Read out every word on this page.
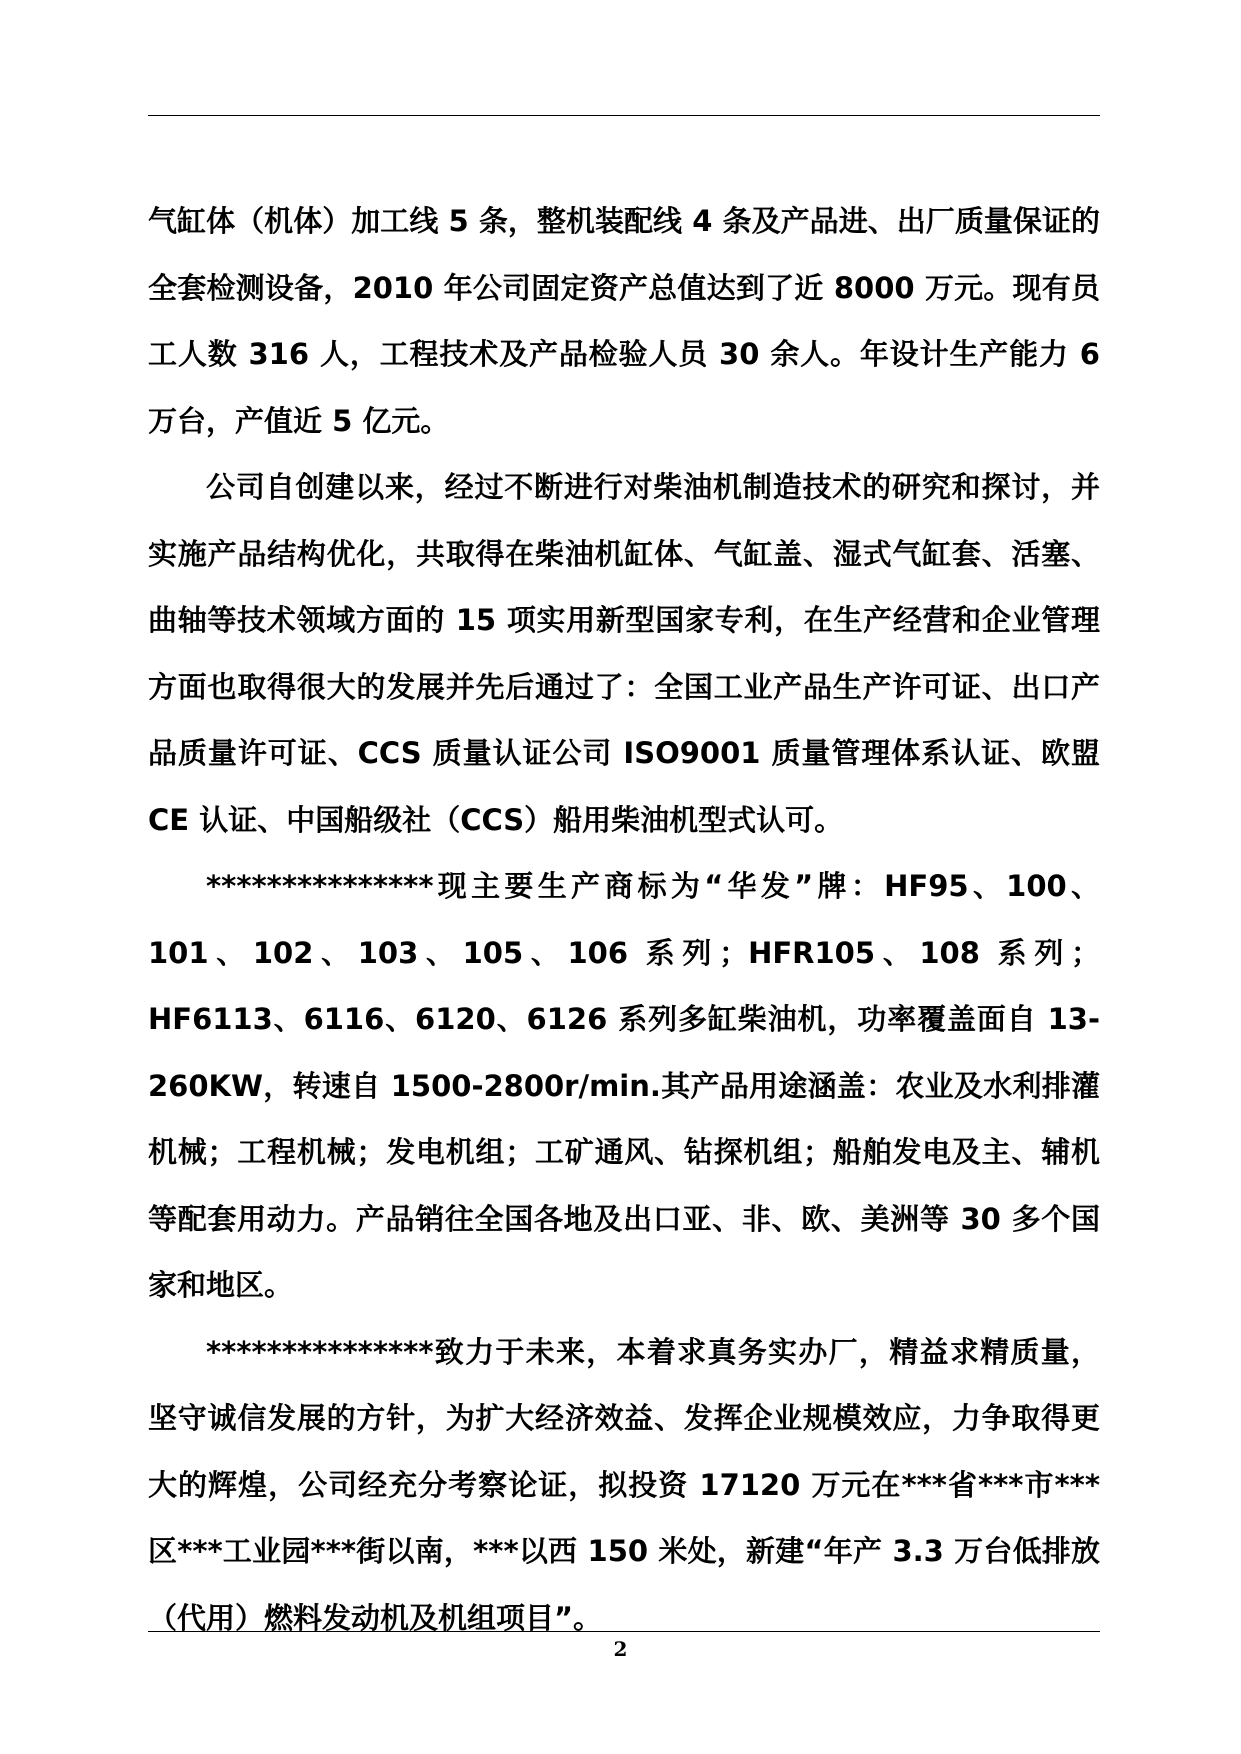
气缸体（机体）加工线 5 条，整机装配线 4 条及产品进、出厂质量保证的全套检测设备，2010 年公司固定资产总值达到了近 8000 万元。现有员工人数 316 人，工程技术及产品检验人员 30 余人。年设计生产能力 6 万台，产值近 5 亿元。

公司自创建以来，经过不断进行对柴油机制造技术的研究和探讨，并实施产品结构优化，共取得在柴油机缸体、气缸盖、湿式气缸套、活塞、曲轴等技术领域方面的 15 项实用新型国家专利，在生产经营和企业管理方面也取得很大的发展并先后通过了：全国工业产品生产许可证、出口产品质量许可证、CCS 质量认证公司 ISO9001 质量管理体系认证、欧盟 CE 认证、中国船级社（CCS）船用柴油机型式认可。

***************现主要生产商标为“华发”牌：HF95、100、101、102、103、105、106 系列；HFR105、108 系列；HF6113、6116、6120、6126 系列多缸柴油机，功率覆盖面自 13-260KW，转速自 1500-2800r/min.其产品用途涵盖：农业及水利排灌机械；工程机械；发电机组；工矿通风、钻探机组；船舶发电及主、辅机等配套用动力。产品销往全国各地及出口亚、非、欧、美洲等 30 多个国家和地区。

***************致力于未来，本着求真务实办厂，精益求精质量，坚守诚信发展的方针，为扩大经济效益、发挥企业规模效应，力争取得更大的辉煌，公司经充分考察论证，拟投资 17120 万元在***省***市***区***工业园***街以南，***以西 150 米处，新建“年产 3.3 万台低排放（代用）燃料发动机及机组项目”。

2
